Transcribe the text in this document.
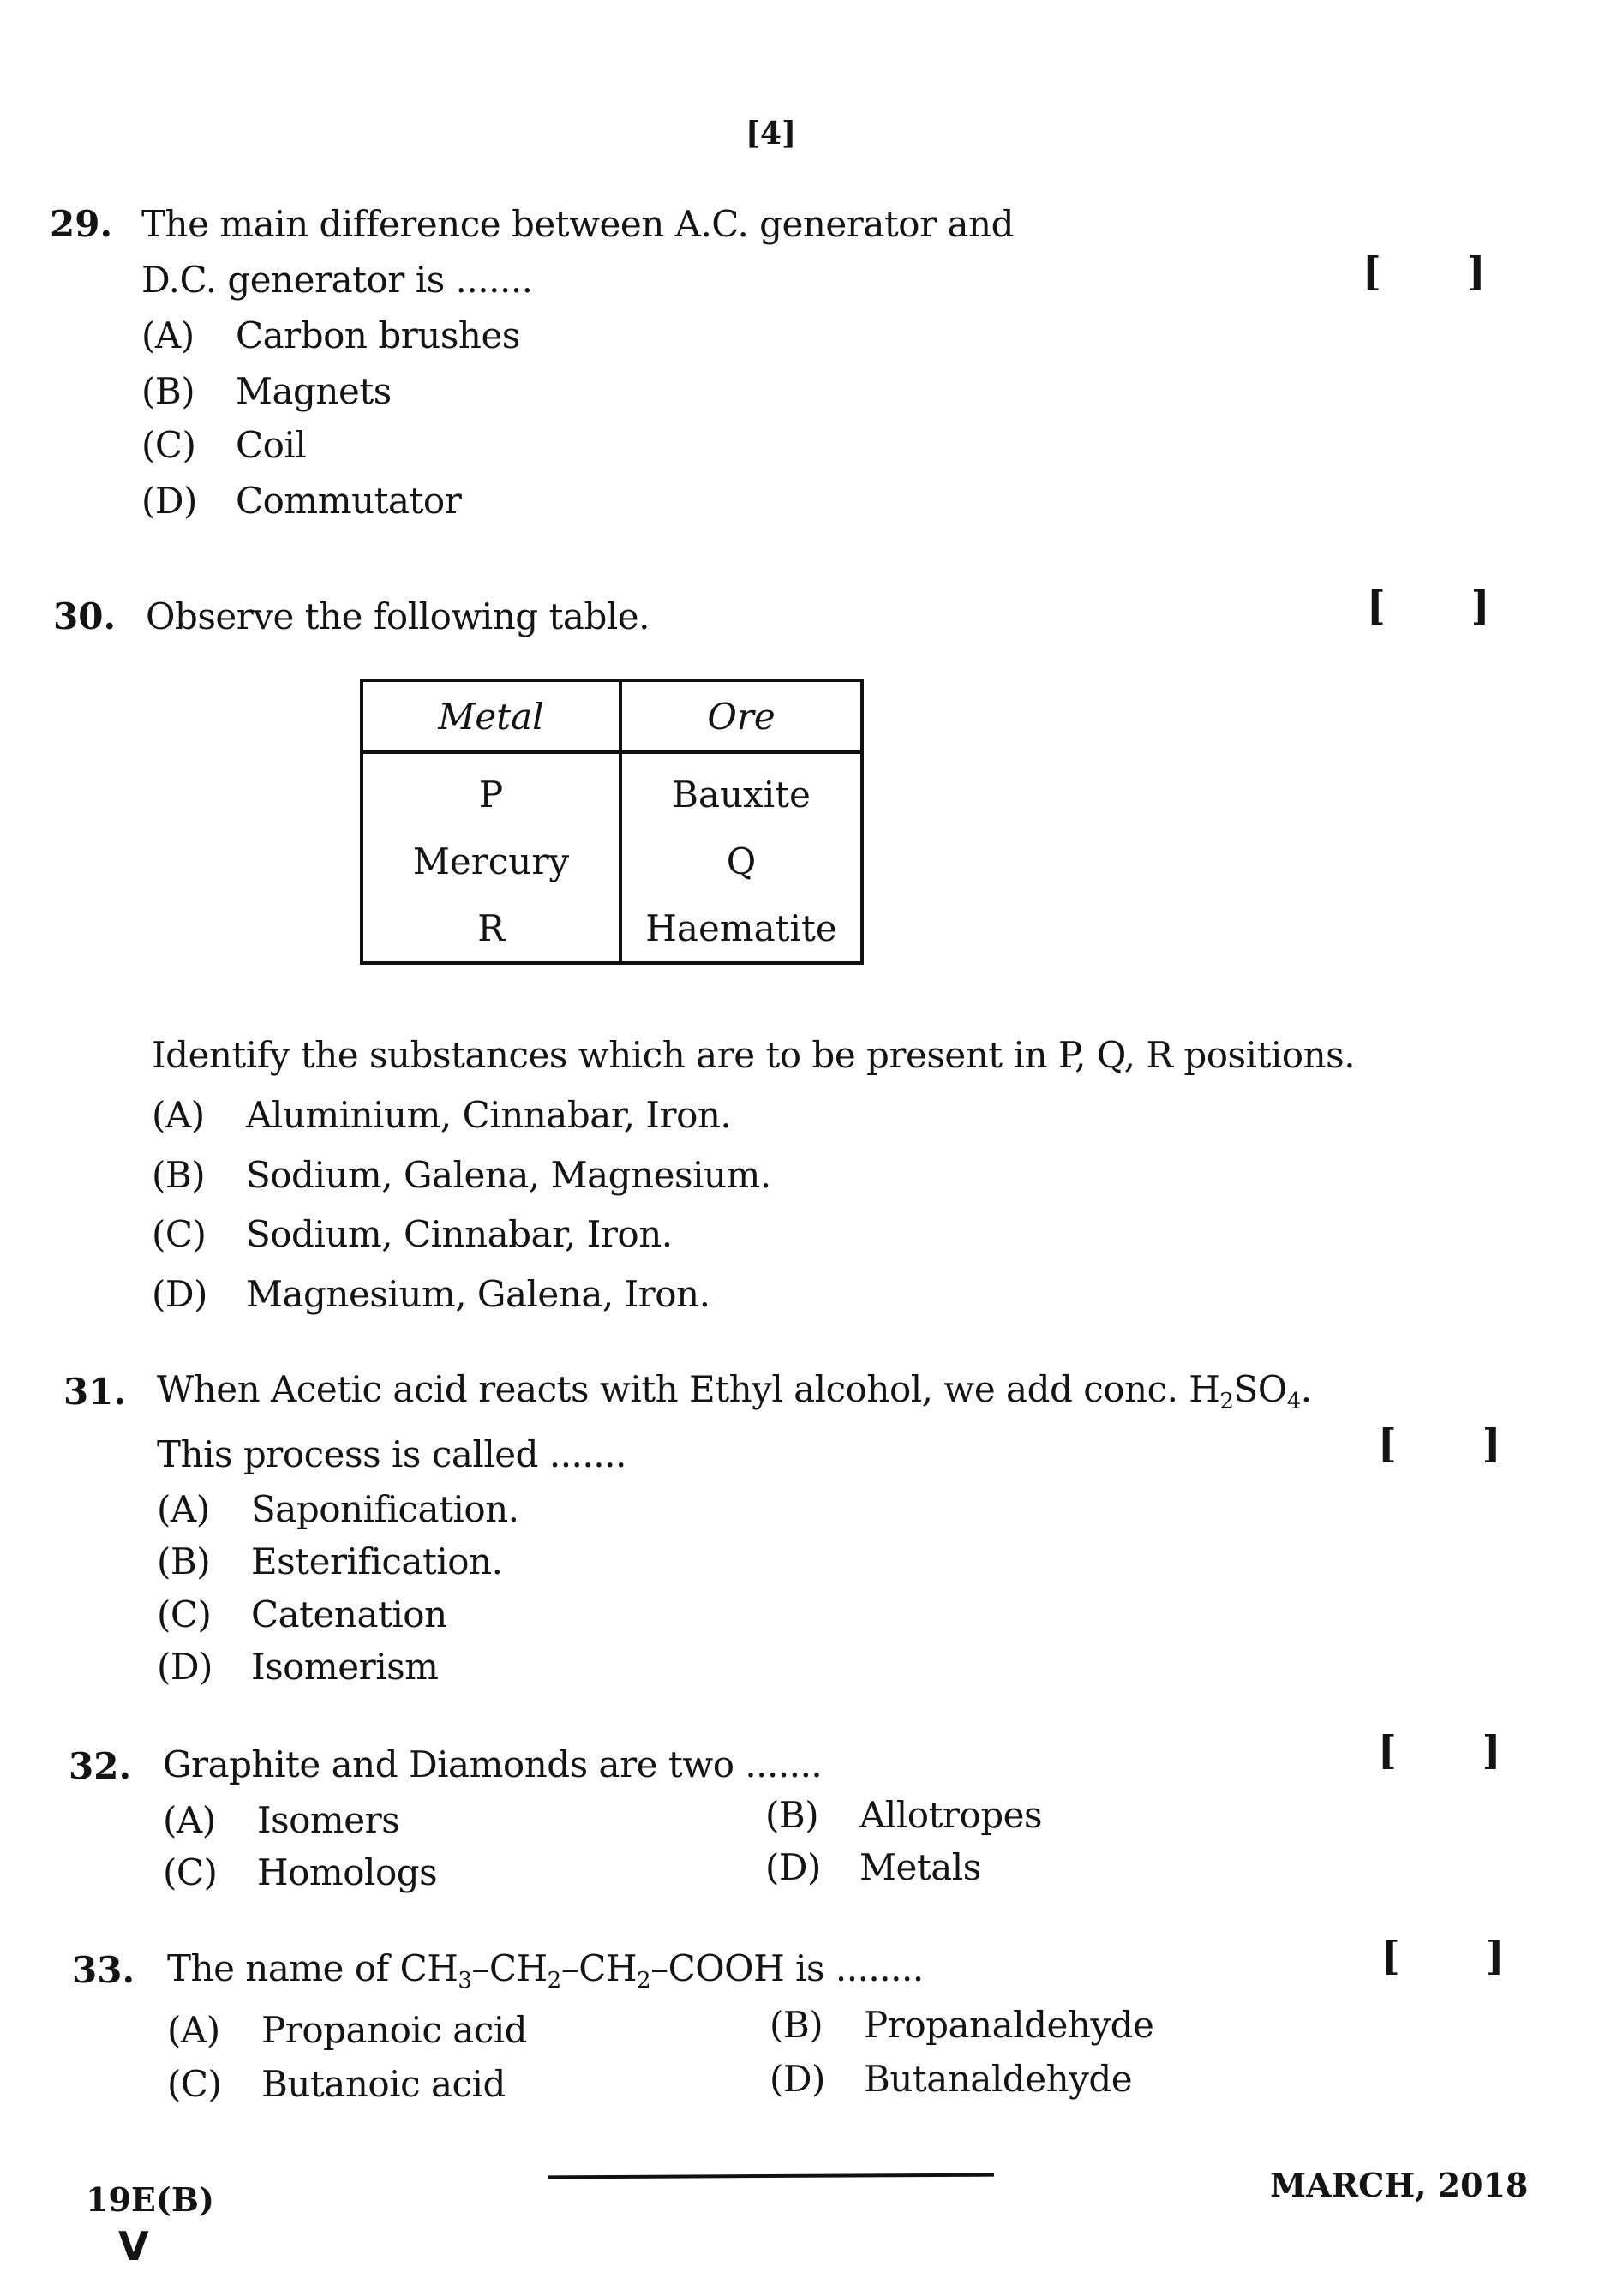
[4]
29. The main difference between A.C. generator and
D.C. generator is .......	[ ]
(A) Carbon brushes
(B) Magnets
(C) Coil
(D) Commutator
30. Observe the following table.	[ ]
Metal	Ore
P	Bauxite
Mercury	Q
R	Haematite
Identify the substances which are to be present in P, Q, R positions.
(A) Aluminium, Cinnabar, Iron.
(B) Sodium, Galena, Magnesium.
(C) Sodium, Cinnabar, Iron.
(D) Magnesium, Galena, Iron.
31. When Acetic acid reacts with Ethyl alcohol, we add conc. $H_2SO_4$.
This process is called .......	[ ]
(A) Saponification.
(B) Esterification.
(C) Catenation
(D) Isomerism
32. Graphite and Diamonds are two .......	[ ]
(A) Isomers	(B) Allotropes
(C) Homologs	(D) Metals
33. The name of $CH_3-CH_2-CH_2$–COOH is ........	[ ]
(A) Propanoic acid	(B) Propanaldehyde
(C) Butanoic acid	(D) Butanaldehyde
19E(B)
V
MARCH, 2018
